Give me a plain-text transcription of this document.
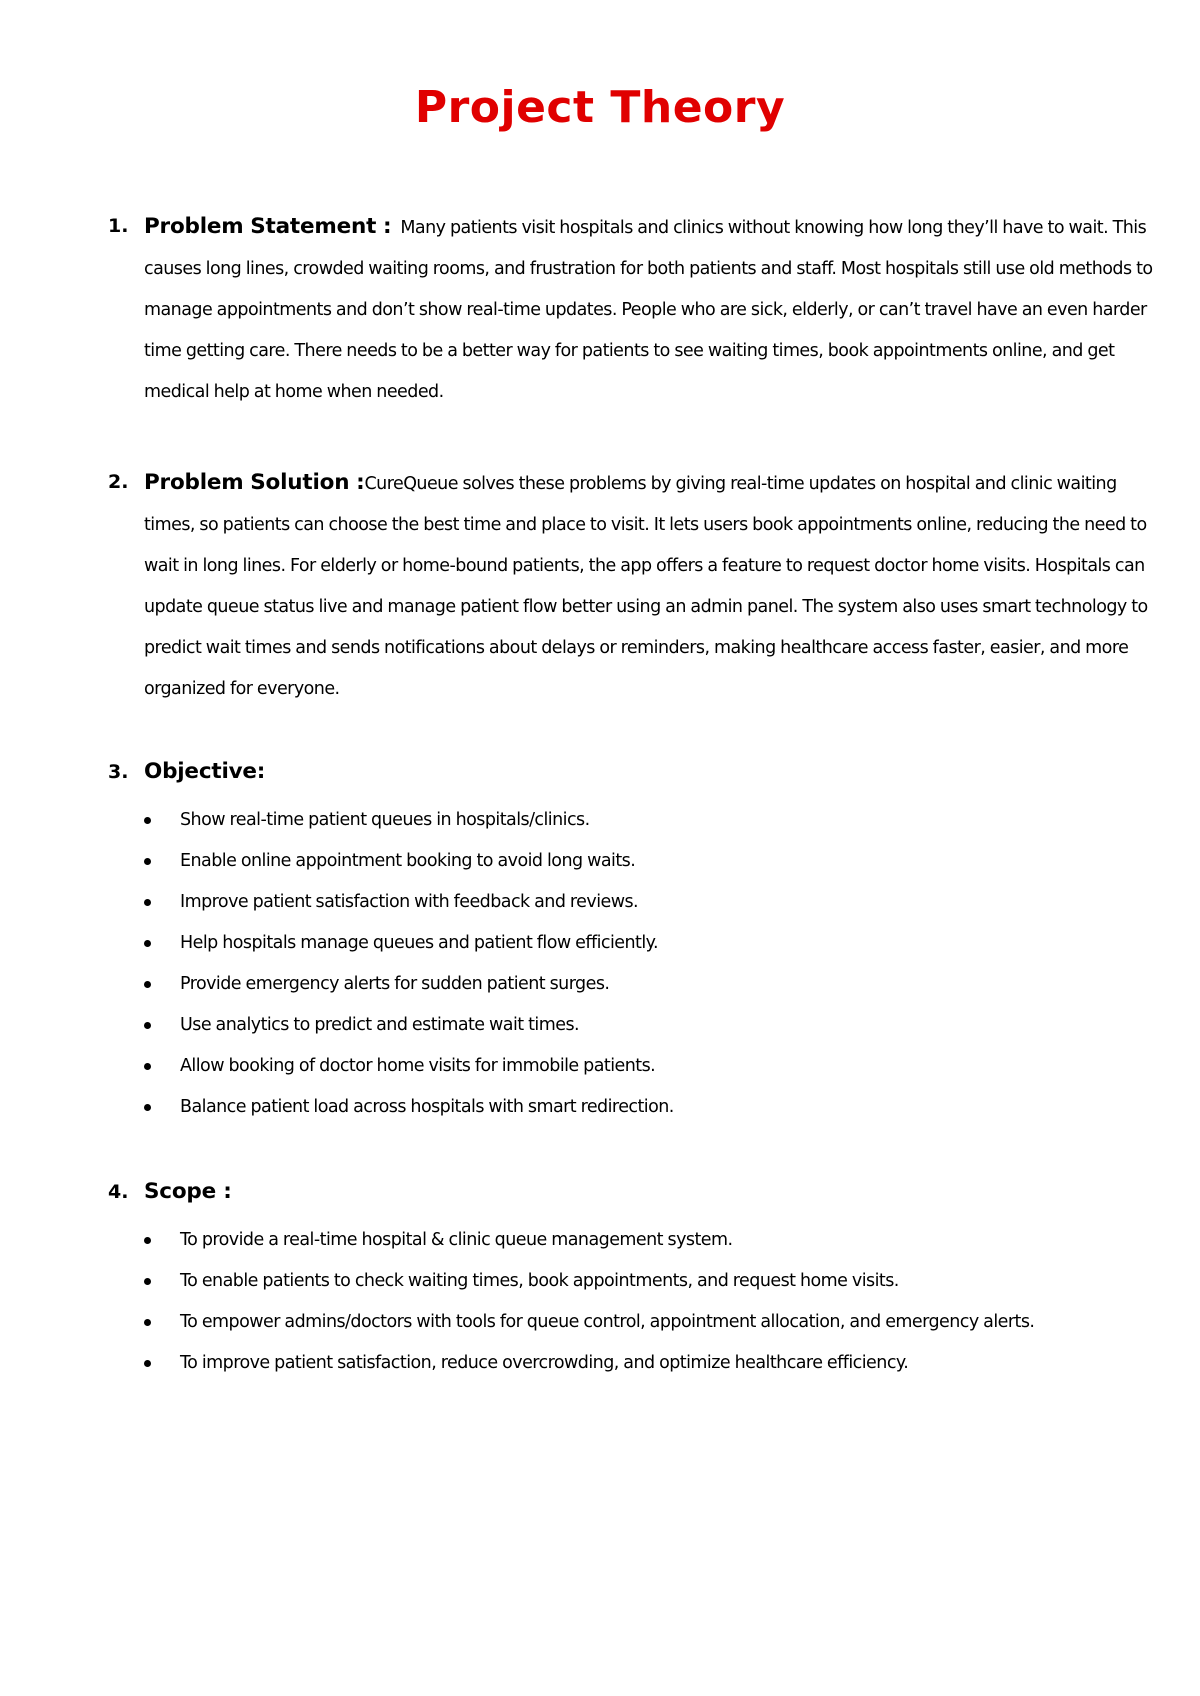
Project Theory
1. Problem Statement : Many patients visit hospitals and clinics without knowing how long they’ll have to wait. This causes long lines, crowded waiting rooms, and frustration for both patients and staff. Most hospitals still use old methods to manage appointments and don’t show real-time updates. People who are sick, elderly, or can’t travel have an even harder time getting care. There needs to be a better way for patients to see waiting times, book appointments online, and get medical help at home when needed.
2. Problem Solution :CureQueue solves these problems by giving real-time updates on hospital and clinic waiting times, so patients can choose the best time and place to visit. It lets users book appointments online, reducing the need to wait in long lines. For elderly or home-bound patients, the app offers a feature to request doctor home visits. Hospitals can update queue status live and manage patient flow better using an admin panel. The system also uses smart technology to predict wait times and sends notifications about delays or reminders, making healthcare access faster, easier, and more organized for everyone.
3. Objective:
Show real-time patient queues in hospitals/clinics.
Enable online appointment booking to avoid long waits.
Improve patient satisfaction with feedback and reviews.
Help hospitals manage queues and patient flow efficiently.
Provide emergency alerts for sudden patient surges.
Use analytics to predict and estimate wait times.
Allow booking of doctor home visits for immobile patients.
Balance patient load across hospitals with smart redirection.
4. Scope :
To provide a real-time hospital & clinic queue management system.
To enable patients to check waiting times, book appointments, and request home visits.
To empower admins/doctors with tools for queue control, appointment allocation, and emergency alerts.
To improve patient satisfaction, reduce overcrowding, and optimize healthcare efficiency.
